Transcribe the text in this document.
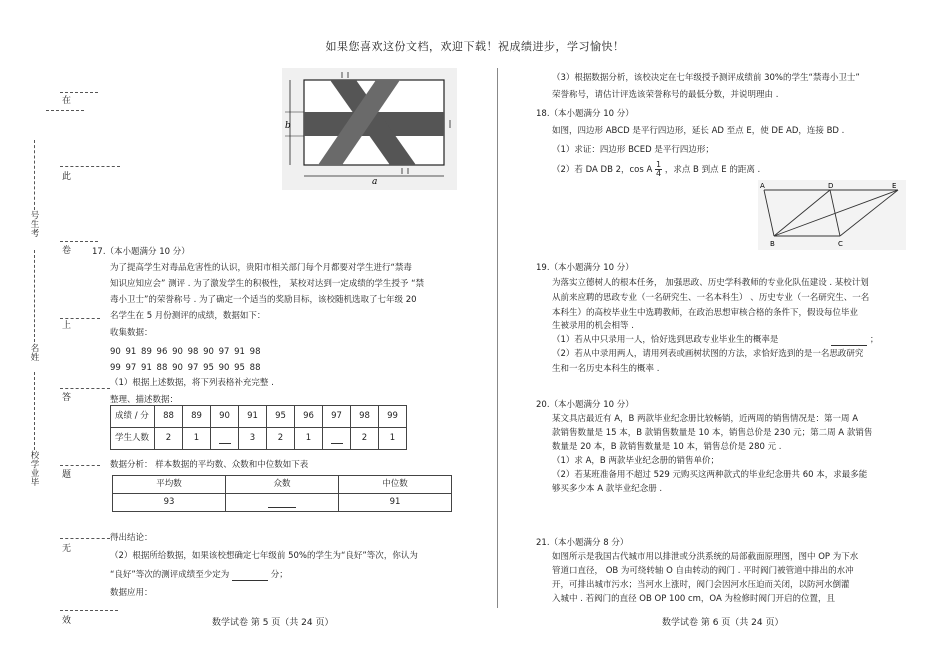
如果您喜欢这份文档，欢迎下载！祝成绩进步，学习愉快！
在
此
卷
上
答
题
无
效
号生考
名姓
校学业毕
b
a
17.（本小题满分 10 分）
为了提高学生对毒品危害性的认识，贵阳市相关部门每个月都要对学生进行“禁毒
知识应知应会” 测评 . 为了激发学生的积极性， 某校对达到一定成绩的学生授予 “禁
毒小卫士”的荣誉称号 . 为了确定一个适当的奖励目标，该校随机选取了七年级 20
名学生在 5 月份测评的成绩，数据如下：
收集数据：
90 91 89 96 90 98 90 97 91 98
99 97 91 88 90 97 95 90 95 88
（1）根据上述数据，将下列表格补充完整 .
整理、描述数据：
成绩 / 分	88	89	90	91	95	96	97	98	99
学生人数	2	1		3	2	1		2	1
数据分析： 样本数据的平均数、众数和中位数如下表
平均数	众数	中位数
93		91
得出结论：
（2）根据所给数据，如果该校想确定七年级前 50%的学生为“良好”等次，你认为
“良好”等次的测评成绩至少定为	分；
数据应用：
数学试卷 第 5 页（共 24 页）
（3）根据数据分析，该校决定在七年级授予测评成绩前 30%的学生“禁毒小卫士”
荣誉称号，请估计评选该荣誉称号的最低分数，并说明理由 .
18.（本小题满分 10 分）
如图，四边形 ABCD 是平行四边形，延长 AD 至点 E，使 DE AD，连接 BD .
（1）求证：四边形 BCED 是平行四边形；
（2）若 DA DB 2，cos A $\frac{1}{4}$ ，求点 B 到点 E 的距离 .
A	D	E
B	C
19.（本小题满分 10 分）
为落实立德树人的根本任务， 加强思政、历史学科教师的专业化队伍建设 . 某校计划
从前来应聘的思政专业（一名研究生、一名本科生） 、历史专业（一名研究生、一名
本科生）的高校毕业生中选聘教师，在政治思想审核合格的条件下，假设每位毕业
生被录用的机会相等 .
（1）若从中只录用一人，恰好选到思政专业毕业生的概率是	；
（2）若从中录用两人，请用列表或画树状图的方法，求恰好选到的是一名思政研究
生和一名历史本科生的概率 .
20.（本小题满分 10 分）
某文具店最近有 A，B 两款毕业纪念册比较畅销，近两周的销售情况是：第一周 A
款销售数量是 15 本，B 款销售数量是 10 本，销售总价是 230 元；第二周 A 款销售
数量是 20 本，B 款销售数量是 10 本，销售总价是 280 元 .
（1）求 A，B 两款毕业纪念册的销售单价；
（2）若某班准备用不超过 529 元购买这两种款式的毕业纪念册共 60 本，求最多能
够买多少本 A 款毕业纪念册 .
21.（本小题满分 8 分）
如图所示是我国古代城市用以排泄或分洪系统的局部截面原理图，图中 OP 为下水
管道口直径， OB 为可绕转轴 O 自由转动的阀门 . 平时阀门被管道中排出的水冲
开，可排出城市污水；当河水上涨时，阀门会因河水压迫而关闭，以防河水倒灌
入城中 . 若阀门的直径 OB OP 100 cm，OA 为检修时阀门开启的位置，且
数学试卷 第 6 页（共 24 页）
